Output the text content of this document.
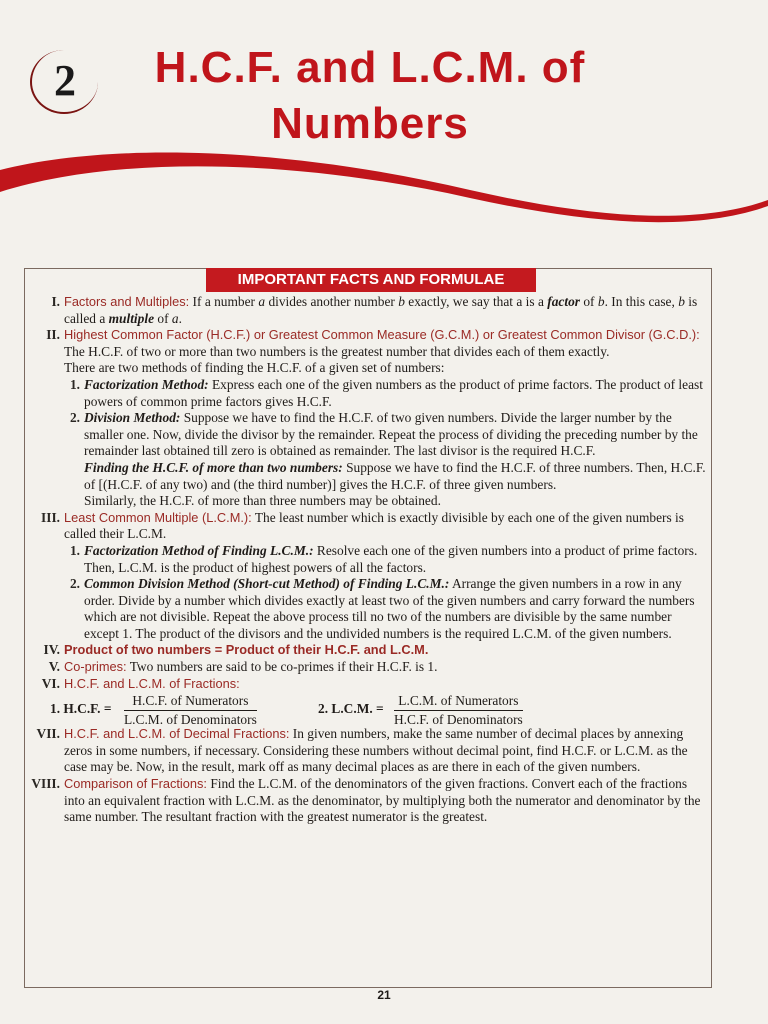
2	H.C.F. and L.C.M. of
Numbers
IMPORTANT FACTS AND FORMULAE
I. Factors and Multiples: If a number a divides another number b exactly, we say that a is a factor of b. In this case, b is called a multiple of a.
II. Highest Common Factor (H.C.F.) or Greatest Common Measure (G.C.M.) or Greatest Common Divisor (G.C.D.): The H.C.F. of two or more than two numbers is the greatest number that divides each of them exactly.
There are two methods of finding the H.C.F. of a given set of numbers:
1. Factorization Method: Express each one of the given numbers as the product of prime factors. The product of least powers of common prime factors gives H.C.F.
2. Division Method: Suppose we have to find the H.C.F. of two given numbers. Divide the larger number by the smaller one. Now, divide the divisor by the remainder. Repeat the process of dividing the preceding number by the remainder last obtained till zero is obtained as remainder. The last divisor is the required H.C.F.
Finding the H.C.F. of more than two numbers: Suppose we have to find the H.C.F. of three numbers. Then, H.C.F. of [(H.C.F. of any two) and (the third number)] gives the H.C.F. of three given numbers.
Similarly, the H.C.F. of more than three numbers may be obtained.
III. Least Common Multiple (L.C.M.): The least number which is exactly divisible by each one of the given numbers is called their L.C.M.
1. Factorization Method of Finding L.C.M.: Resolve each one of the given numbers into a product of prime factors. Then, L.C.M. is the product of highest powers of all the factors.
2. Common Division Method (Short-cut Method) of Finding L.C.M.: Arrange the given numbers in a row in any order. Divide by a number which divides exactly at least two of the given numbers and carry forward the numbers which are not divisible. Repeat the above process till no two of the numbers are divisible by the same number except 1. The product of the divisors and the undivided numbers is the required L.C.M. of the given numbers.
IV. Product of two numbers = Product of their H.C.F. and L.C.M.
V. Co-primes: Two numbers are said to be co-primes if their H.C.F. is 1.
VI. H.C.F. and L.C.M. of Fractions:
1. H.C.F. =
H.C.F. of Numerators
L.C.M. of Denominators
2. L.C.M. =
L.C.M. of Numerators
H.C.F. of Denominators
VII. H.C.F. and L.C.M. of Decimal Fractions: In given numbers, make the same number of decimal places by annexing zeros in some numbers, if necessary. Considering these numbers without decimal point, find H.C.F. or L.C.M. as the case may be. Now, in the result, mark off as many decimal places as are there in each of the given numbers.
VIII. Comparison of Fractions: Find the L.C.M. of the denominators of the given fractions. Convert each of the fractions into an equivalent fraction with L.C.M. as the denominator, by multiplying both the numerator and denominator by the same number. The resultant fraction with the greatest numerator is the greatest.
21
